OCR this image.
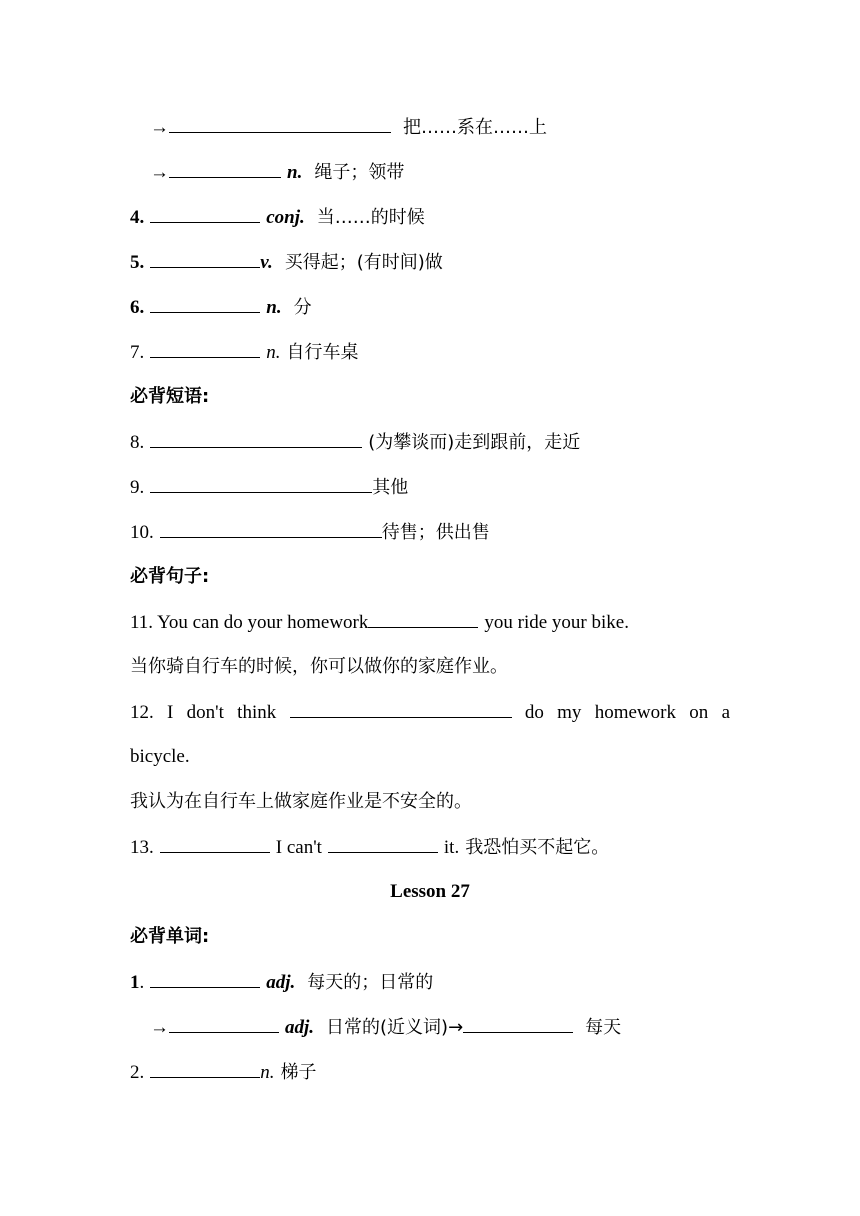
→	把……系在……上
→	n. 绳子；领带
4.	conj. 当……的时候
5.	v. 买得起；(有时间)做
6.	n. 分
7.	n. 自行车桌
必背短语:
8.	(为攀谈而)走到跟前，走近
9.	其他
10.	待售；供出售
必背句子:
11. You can do your homework	you ride your bike.
当你骑自行车的时候，你可以做你的家庭作业。
12. I don't think	do my homework on a
bicycle.
我认为在自行车上做家庭作业是不安全的。
13.	I can't	it. 我恐怕买不起它。
Lesson 27
必背单词:
1.	adj. 每天的；日常的
→	adj. 日常的(近义词)→	每天
2.	n. 梯子
